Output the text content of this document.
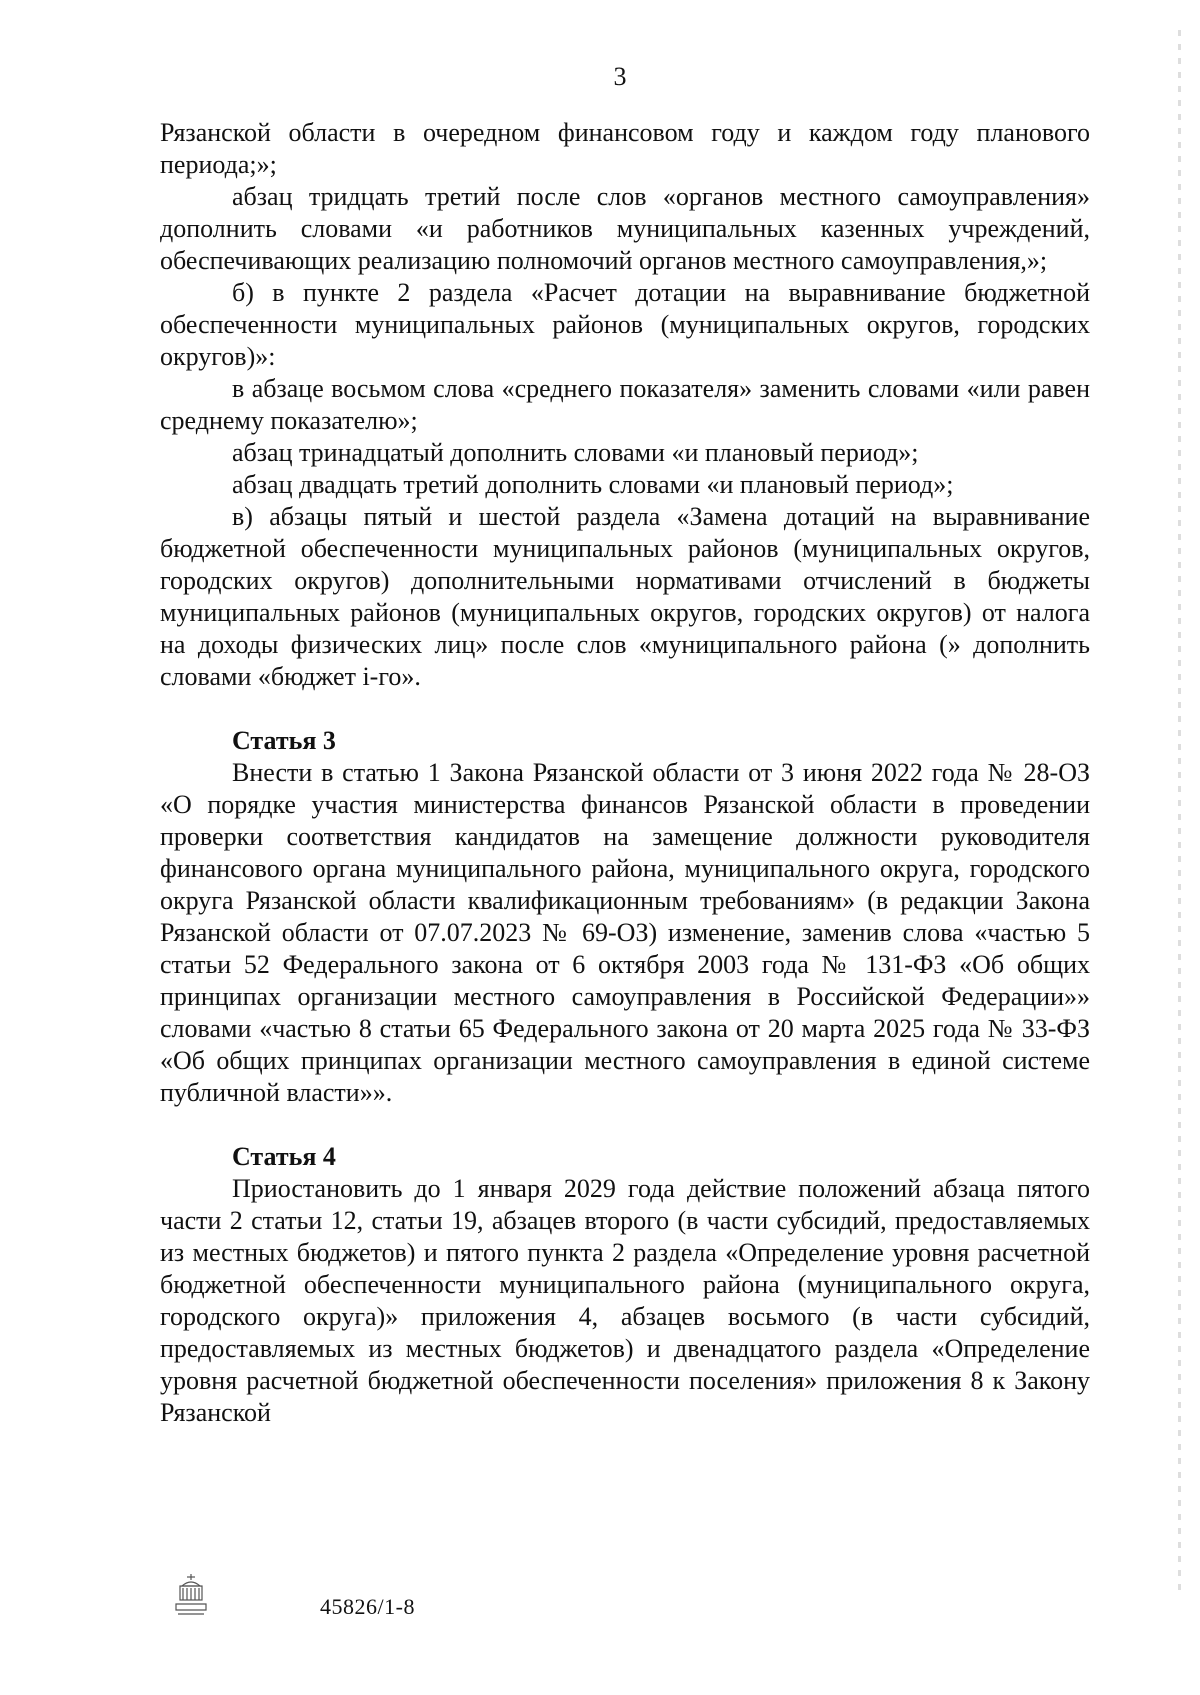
3

Рязанской области в очередном финансовом году и каждом году планового периода;»;

абзац тридцать третий после слов «органов местного самоуправления» дополнить словами «и работников муниципальных казенных учреждений, обеспечивающих реализацию полномочий органов местного самоуправления,»;

б) в пункте 2 раздела «Расчет дотации на выравнивание бюджетной обеспеченности муниципальных районов (муниципальных округов, городских округов)»:

в абзаце восьмом слова «среднего показателя» заменить словами «или равен среднему показателю»;

абзац тринадцатый дополнить словами «и плановый период»;

абзац двадцать третий дополнить словами «и плановый период»;

в) абзацы пятый и шестой раздела «Замена дотаций на выравнивание бюджетной обеспеченности муниципальных районов (муниципальных округов, городских округов) дополнительными нормативами отчислений в бюджеты муниципальных районов (муниципальных округов, городских округов) от налога на доходы физических лиц» после слов «муниципального района (» дополнить словами «бюджет i-го».

Статья 3

Внести в статью 1 Закона Рязанской области от 3 июня 2022 года № 28-ОЗ «О порядке участия министерства финансов Рязанской области в проведении проверки соответствия кандидатов на замещение должности руководителя финансового органа муниципального района, муниципального округа, городского округа Рязанской области квалификационным требованиям» (в редакции Закона Рязанской области от 07.07.2023 № 69-ОЗ) изменение, заменив слова «частью 5 статьи 52 Федерального закона от 6 октября 2003 года № 131-ФЗ «Об общих принципах организации местного самоуправления в Российской Федерации»» словами «частью 8 статьи 65 Федерального закона от 20 марта 2025 года № 33-ФЗ «Об общих принципах организации местного самоуправления в единой системе публичной власти»».

Статья 4

Приостановить до 1 января 2029 года действие положений абзаца пятого части 2 статьи 12, статьи 19, абзацев второго (в части субсидий, предоставляемых из местных бюджетов) и пятого пункта 2 раздела «Определение уровня расчетной бюджетной обеспеченности муниципального района (муниципального округа, городского округа)» приложения 4, абзацев восьмого (в части субсидий, предоставляемых из местных бюджетов) и двенадцатого раздела «Определение уровня расчетной бюджетной обеспеченности поселения» приложения 8 к Закону Рязанской

45826/1-8
